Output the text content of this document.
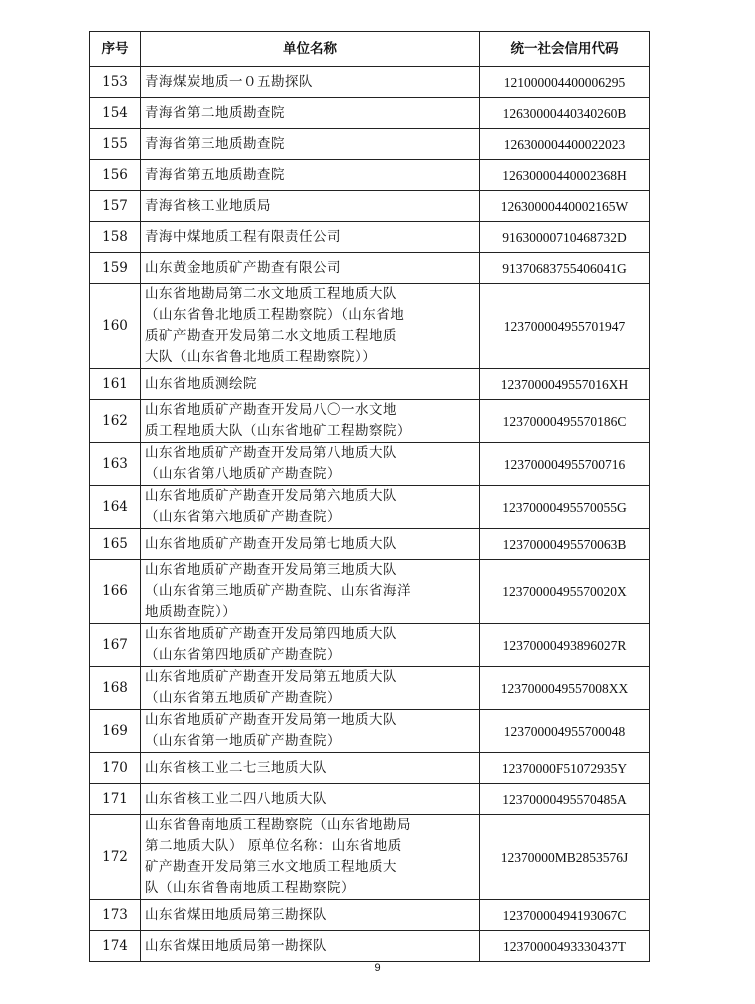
序号	单位名称	统一社会信用代码
153	青海煤炭地质一０五勘探队	121000004400006295
154	青海省第二地质勘查院	12630000440340260B
155	青海省第三地质勘查院	126300004400022023
156	青海省第五地质勘查院	12630000440002368H
157	青海省核工业地质局	12630000440002165W
158	青海中煤地质工程有限责任公司	91630000710468732D
159	山东黄金地质矿产勘查有限公司	91370683755406041G
160	山东省地勘局第二水文地质工程地质大队
（山东省鲁北地质工程勘察院）（山东省地
质矿产勘查开发局第二水文地质工程地质
大队（山东省鲁北地质工程勘察院））	123700004955701947
161	山东省地质测绘院	1237000049557016XH
162	山东省地质矿产勘查开发局八〇一水文地
质工程地质大队（山东省地矿工程勘察院）	12370000495570186C
163	山东省地质矿产勘查开发局第八地质大队
（山东省第八地质矿产勘查院）	123700004955700716
164	山东省地质矿产勘查开发局第六地质大队
（山东省第六地质矿产勘查院）	12370000495570055G
165	山东省地质矿产勘查开发局第七地质大队	12370000495570063B
166	山东省地质矿产勘查开发局第三地质大队
（山东省第三地质矿产勘查院、山东省海洋
地质勘查院））	12370000495570020X
167	山东省地质矿产勘查开发局第四地质大队
（山东省第四地质矿产勘查院）	12370000493896027R
168	山东省地质矿产勘查开发局第五地质大队
（山东省第五地质矿产勘查院）	1237000049557008XX
169	山东省地质矿产勘查开发局第一地质大队
（山东省第一地质矿产勘查院）	123700004955700048
170	山东省核工业二七三地质大队	12370000F51072935Y
171	山东省核工业二四八地质大队	12370000495570485A
172	山东省鲁南地质工程勘察院（山东省地勘局
第二地质大队） 原单位名称：山东省地质
矿产勘查开发局第三水文地质工程地质大
队（山东省鲁南地质工程勘察院）	12370000MB2853576J
173	山东省煤田地质局第三勘探队	12370000494193067C
174	山东省煤田地质局第一勘探队	12370000493330437T
9
